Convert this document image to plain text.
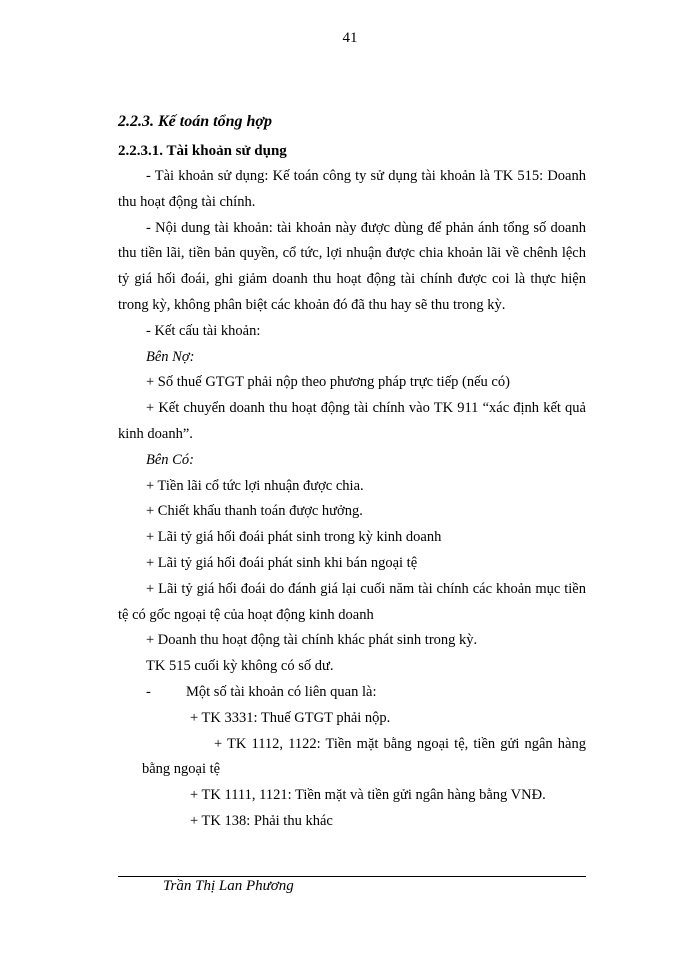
41
2.2.3. Kế toán tổng hợp
2.2.3.1. Tài khoản sử dụng

- Tài khoản sử dụng: Kế toán công ty sử dụng tài khoản là TK 515: Doanh thu hoạt động tài chính.

- Nội dung tài khoản: tài khoản này được dùng để phản ánh tổng số doanh thu tiền lãi, tiền bản quyền, cổ tức, lợi nhuận được chia khoản lãi về chênh lệch tỷ giá hối đoái, ghi giảm doanh thu hoạt động tài chính được coi là thực hiện trong kỳ, không phân biệt các khoản đó đã thu hay sẽ thu trong kỳ.

- Kết cấu tài khoản:

Bên Nợ:

+ Số thuế GTGT phải nộp theo phương pháp trực tiếp (nếu có)

+ Kết chuyển doanh thu hoạt động tài chính vào TK 911 “xác định kết quả kinh doanh”.

Bên Có:

+ Tiền lãi cổ tức lợi nhuận được chia.

+ Chiết khấu thanh toán được hưởng.

+ Lãi tỷ giá hối đoái phát sinh trong kỳ kinh doanh

+ Lãi tỷ giá hối đoái phát sinh khi bán ngoại tệ

+ Lãi tỷ giá hối đoái do đánh giá lại cuối năm tài chính các khoản mục tiền tệ có gốc ngoại tệ của hoạt động kinh doanh

+ Doanh thu hoạt động tài chính khác phát sinh trong kỳ.

TK 515 cuối kỳ không có số dư.

-	Một số tài khoản có liên quan là:

+ TK 3331: Thuế GTGT phải nộp.

+ TK 1112, 1122: Tiền mặt bằng ngoại tệ, tiền gửi ngân hàng bằng ngoại tệ

+ TK 1111, 1121: Tiền mặt và tiền gửi ngân hàng bằng VNĐ.

+ TK 138: Phải thu khác

Trần Thị Lan Phương
